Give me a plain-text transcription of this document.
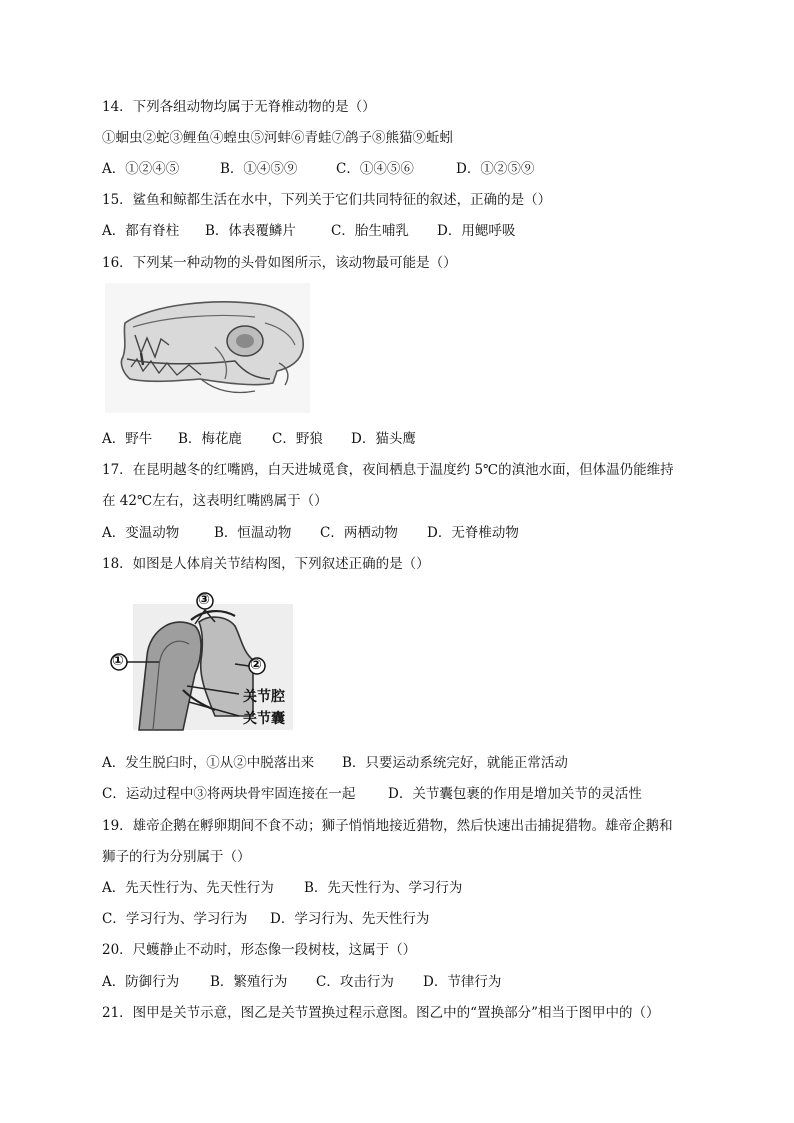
14．下列各组动物均属于无脊椎动物的是（）
①蛔虫②蛇③鲤鱼④蝗虫⑤河蚌⑥青蛙⑦鸽子⑧熊猫⑨蚯蚓
A．①②④⑤	B．①④⑤⑨	C．①④⑤⑥	D．①②⑤⑨
15．鲨鱼和鲸都生活在水中，下列关于它们共同特征的叙述，正确的是（）
A．都有脊柱 B．体表覆鳞片	C．胎生哺乳 D．用鳃呼吸
16．下列某一种动物的头骨如图所示，该动物最可能是（）
A．野牛 B．梅花鹿 C．野狼 D．猫头鹰
17．在昆明越冬的红嘴鸥，白天进城觅食，夜间栖息于温度约 5℃的滇池水面，但体温仍能维持
在 42℃左右，这表明红嘴鸥属于（）
A．变温动物	B．恒温动物 C．两栖动物 D．无脊椎动物
18．如图是人体肩关节结构图，下列叙述正确的是（）
③
①	②
关节腔
关节囊
A．发生脱臼时，①从②中脱落出来 B．只要运动系统完好，就能正常活动
C．运动过程中③将两块骨牢固连接在一起 D．关节囊包裹的作用是增加关节的灵活性
19．雄帝企鹅在孵卵期间不食不动；狮子悄悄地接近猎物，然后快速出击捕捉猎物。雄帝企鹅和
狮子的行为分别属于（）
A．先天性行为、先天性行为 B．先天性行为、学习行为
C．学习行为、学习行为 D．学习行为、先天性行为
20．尺蠖静止不动时，形态像一段树枝，这属于（）
A．防御行为 B．繁殖行为 C．攻击行为 D．节律行为
21．图甲是关节示意，图乙是关节置换过程示意图。图乙中的“置换部分”相当于图甲中的（）
